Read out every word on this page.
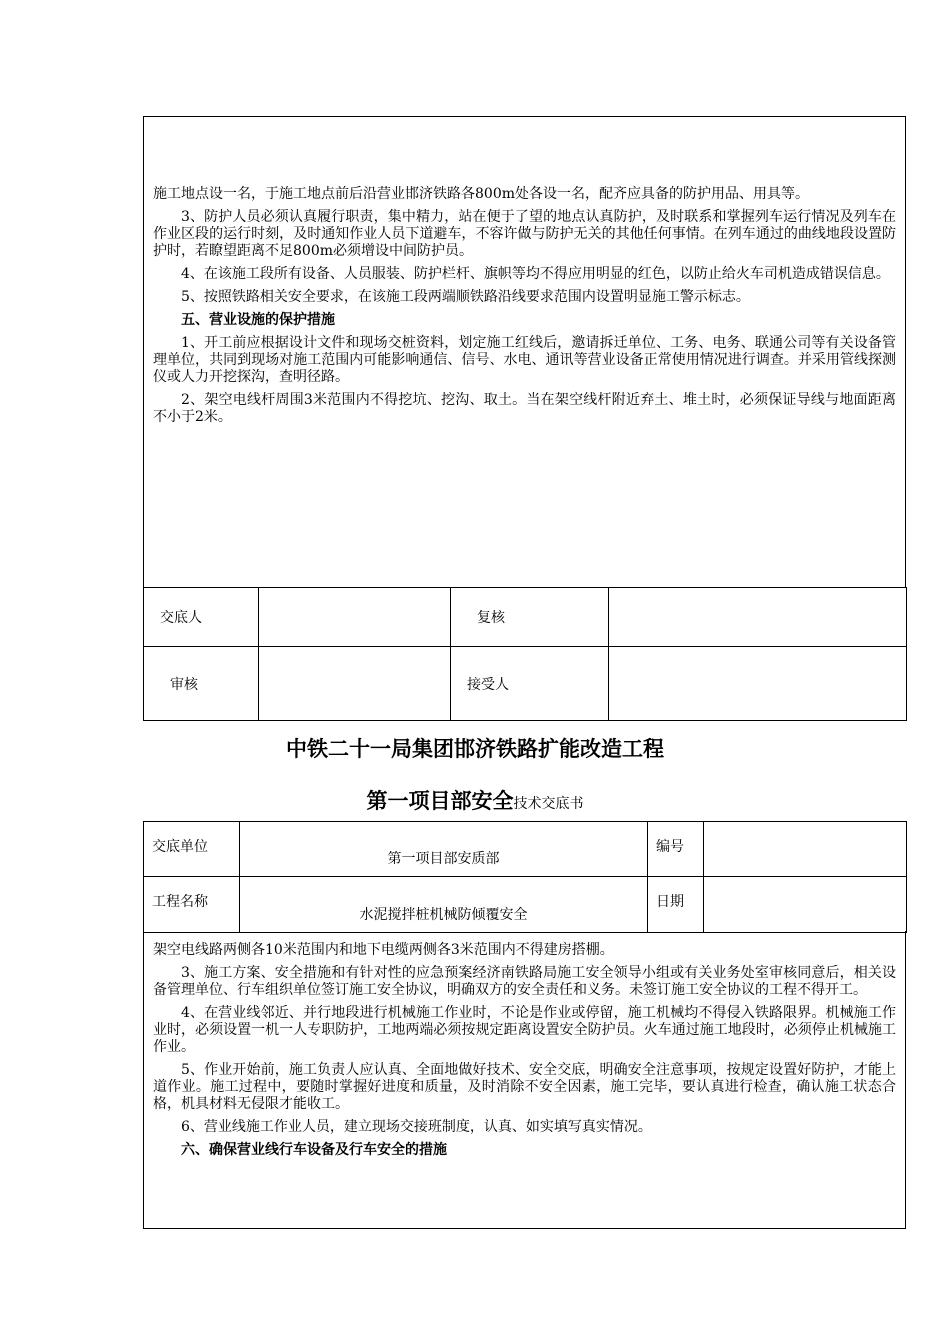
施工地点设一名，于施工地点前后沿营业邯济铁路各800m处各设一名，配齐应具备的防护用品、用具等。

3、防护人员必须认真履行职责，集中精力，站在便于了望的地点认真防护，及时联系和掌握列车运行情况及列车在作业区段的运行时刻，及时通知作业人员下道避车，不容许做与防护无关的其他任何事情。在列车通过的曲线地段设置防护时，若瞭望距离不足800m必须增设中间防护员。

4、在该施工段所有设备、人员服装、防护栏杆、旗帜等均不得应用明显的红色，以防止给火车司机造成错误信息。

5、按照铁路相关安全要求，在该施工段两端顺铁路沿线要求范围内设置明显施工警示标志。

五、营业设施的保护措施

1、开工前应根据设计文件和现场交桩资料，划定施工红线后，邀请拆迁单位、工务、电务、联通公司等有关设备管理单位，共同到现场对施工范围内可能影响通信、信号、水电、通讯等营业设备正常使用情况进行调查。并采用管线探测仪或人力开挖探沟，查明径路。

2、架空电线杆周围3米范围内不得挖坑、挖沟、取土。当在架空线杆附近弃土、堆土时，必须保证导线与地面距离不小于2米。

交底人		复核	
审核		接受人	
中铁二十一局集团邯济铁路扩能改造工程
第一项目部安全技术交底书
交底单位	第一项目部安质部	编号	

工程名称	水泥搅拌桩机械防倾覆安全	日期	

架空电线路两侧各10米范围内和地下电缆两侧各3米范围内不得建房搭棚。

3、施工方案、安全措施和有针对性的应急预案经济南铁路局施工安全领导小组或有关业务处室审核同意后，相关设备管理单位、行车组织单位签订施工安全协议，明确双方的安全责任和义务。未签订施工安全协议的工程不得开工。

4、在营业线邻近、并行地段进行机械施工作业时，不论是作业或停留，施工机械均不得侵入铁路限界。机械施工作业时，必须设置一机一人专职防护，工地两端必须按规定距离设置安全防护员。火车通过施工地段时，必须停止机械施工作业。

5、作业开始前，施工负责人应认真、全面地做好技术、安全交底，明确安全注意事项，按规定设置好防护，才能上道作业。施工过程中，要随时掌握好进度和质量，及时消除不安全因素，施工完毕，要认真进行检查，确认施工状态合格，机具材料无侵限才能收工。

6、营业线施工作业人员，建立现场交接班制度，认真、如实填写真实情况。

六、确保营业线行车设备及行车安全的措施
